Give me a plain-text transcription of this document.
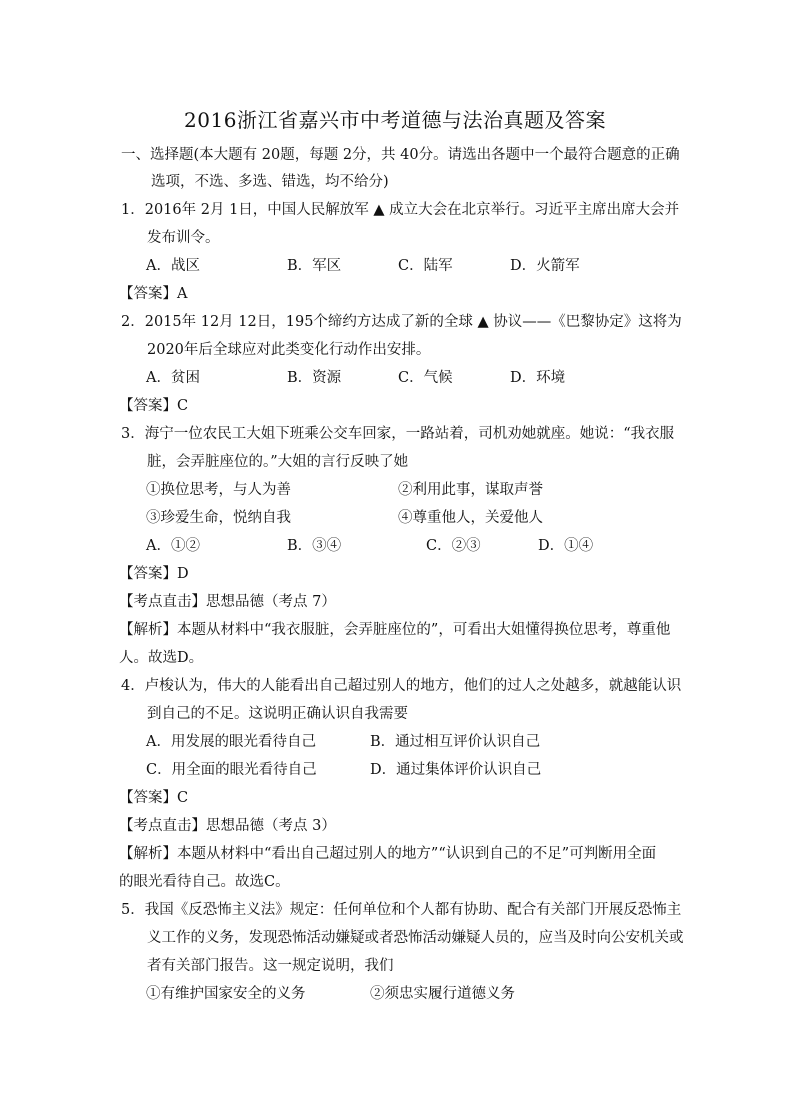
2016浙江省嘉兴市中考道德与法治真题及答案
一、选择题(本大题有 20题，每题 2分，共 40分。请选出各题中一个最符合题意的正确
选项，不选、多选、错选，均不给分)
1．2016年 2月 1日，中国人民解放军 ▲ 成立大会在北京举行。习近平主席出席大会并
发布训令。
A．战区	B．军区	C．陆军	D．火箭军
【答案】A
2．2015年 12月 12日，195个缔约方达成了新的全球 ▲ 协议——《巴黎协定》这将为
2020年后全球应对此类变化行动作出安排。
A．贫困	B．资源	C．气候	D．环境
【答案】C
3．海宁一位农民工大姐下班乘公交车回家，一路站着，司机劝她就座。她说：“我衣服
脏，会弄脏座位的。”大姐的言行反映了她
①换位思考，与人为善	②利用此事，谋取声誉
③珍爱生命，悦纳自我	④尊重他人，关爱他人
A．①②	B．③④	C．②③	D．①④
【答案】D
【考点直击】思想品德（考点 7）
【解析】本题从材料中“我衣服脏，会弄脏座位的”，可看出大姐懂得换位思考，尊重他
人。故选D。
4．卢梭认为，伟大的人能看出自己超过别人的地方，他们的过人之处越多，就越能认识
到自己的不足。这说明正确认识自我需要
A．用发展的眼光看待自己	B．通过相互评价认识自己
C．用全面的眼光看待自己	D．通过集体评价认识自己
【答案】C
【考点直击】思想品德（考点 3）
【解析】本题从材料中“看出自己超过别人的地方”“认识到自己的不足”可判断用全面
的眼光看待自己。故选C。
5．我国《反恐怖主义法》规定：任何单位和个人都有协助、配合有关部门开展反恐怖主
义工作的义务，发现恐怖活动嫌疑或者恐怖活动嫌疑人员的，应当及时向公安机关或
者有关部门报告。这一规定说明，我们
①有维护国家安全的义务	②须忠实履行道德义务
